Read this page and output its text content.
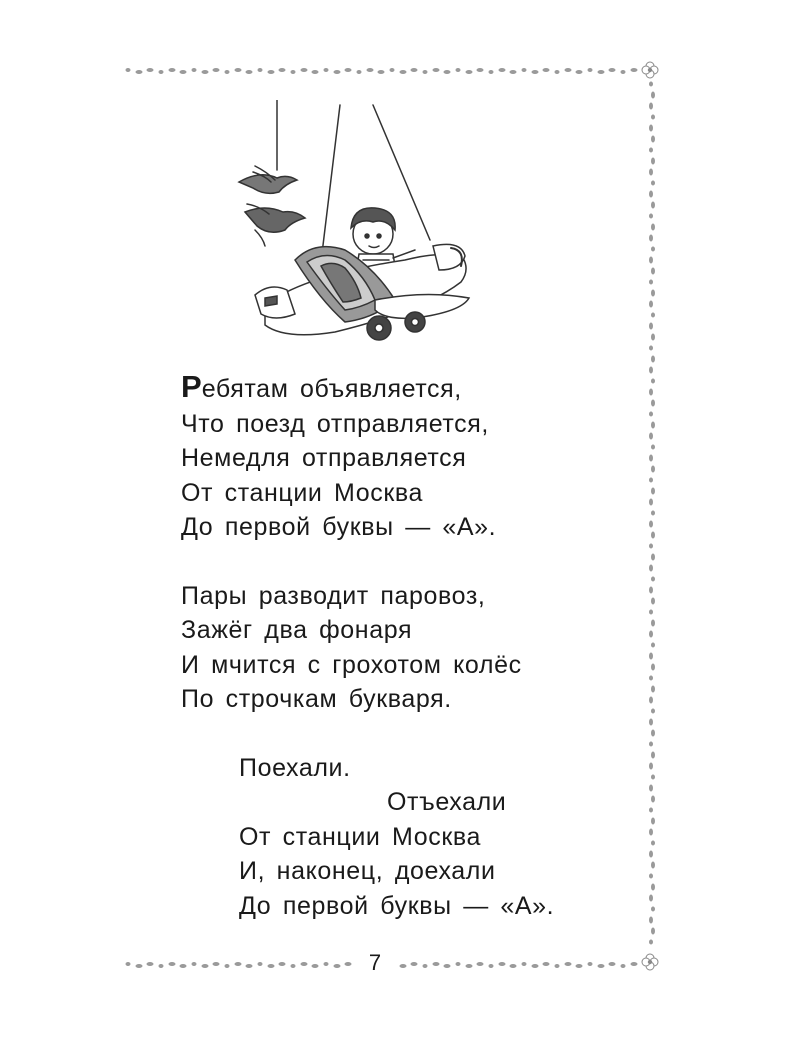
Ребятам объявляется,
Что поезд отправляется,
Немедля отправляется
От станции Москва
До первой буквы — «А».
Пары разводит паровоз,
Зажёг два фонаря
И мчится с грохотом колёс
По строчкам букваря.
Поехали.
Отъехали
От станции Москва
И, наконец, доехали
До первой буквы — «А».
7
